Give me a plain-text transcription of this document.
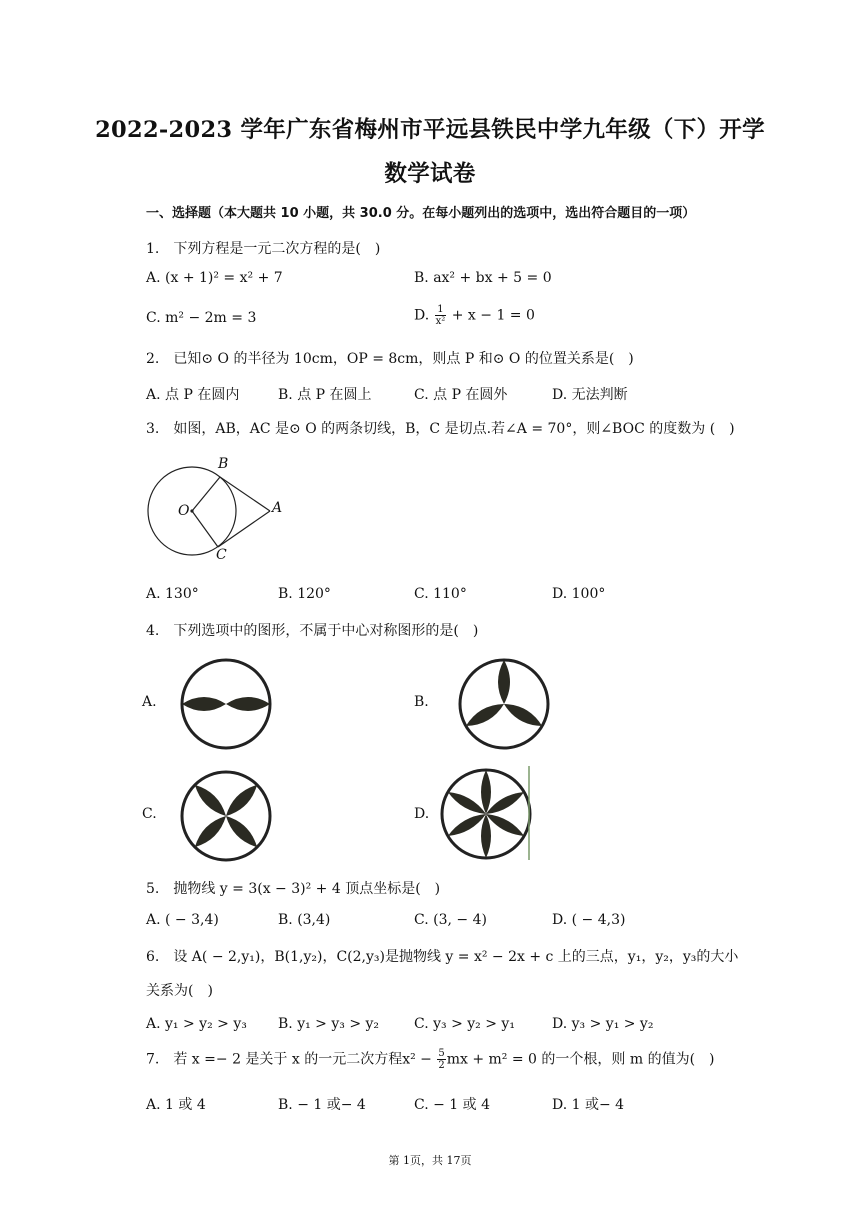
2022-2023 学年广东省梅州市平远县铁民中学九年级（下）开学
数学试卷
一、选择题（本大题共 10 小题，共 30.0 分。在每小题列出的选项中，选出符合题目的一项）
1.　下列方程是一元二次方程的是(　)
A. (x + 1)² = x² + 7	B. ax² + bx + 5 = 0
C. m² − 2m = 3	D. $\frac{1}{\text{x²}} + x - 1 = 0$
2.　已知⊙ O 的半径为 10cm，OP = 8cm，则点 P 和⊙ O 的位置关系是(　)
A. 点 P 在圆内	B. 点 P 在圆上	C. 点 P 在圆外	D. 无法判断
3.　如图，AB，AC 是⊙ O 的两条切线，B，C 是切点.若∠A = 70°，则∠BOC 的度数为 (　)
B
O	A
C
A. 130°	B. 120°	C. 110°	D. 100°
4.　下列选项中的图形，不属于中心对称图形的是(　)
A.	B.
C.	D.
5.　抛物线 y = 3(x − 3)² + 4 顶点坐标是(　)
A. ( − 3,4)	B. (3,4)	C. (3, − 4)	D. ( − 4,3)
6.　设 A( − 2,y₁)，B(1,y₂)，C(2,y₃)是抛物线 y = x² − 2x + c 上的三点，y₁，y₂，y₃的大小
关系为(　)
A. y₁ > y₂ > y₃ B. y₁ > y₃ > y₂ C. y₃ > y₂ > y₁	D. y₃ > y₁ > y₂
7.　若 x =− 2 是关于 x 的一元二次方程$x^2 - \frac{5}{2}$ mx + m² = 0 的一个根，则 m 的值为(　)
A. 1 或 4	B. − 1 或− 4	C. − 1 或 4	D. 1 或− 4
第 1页，共 17页
